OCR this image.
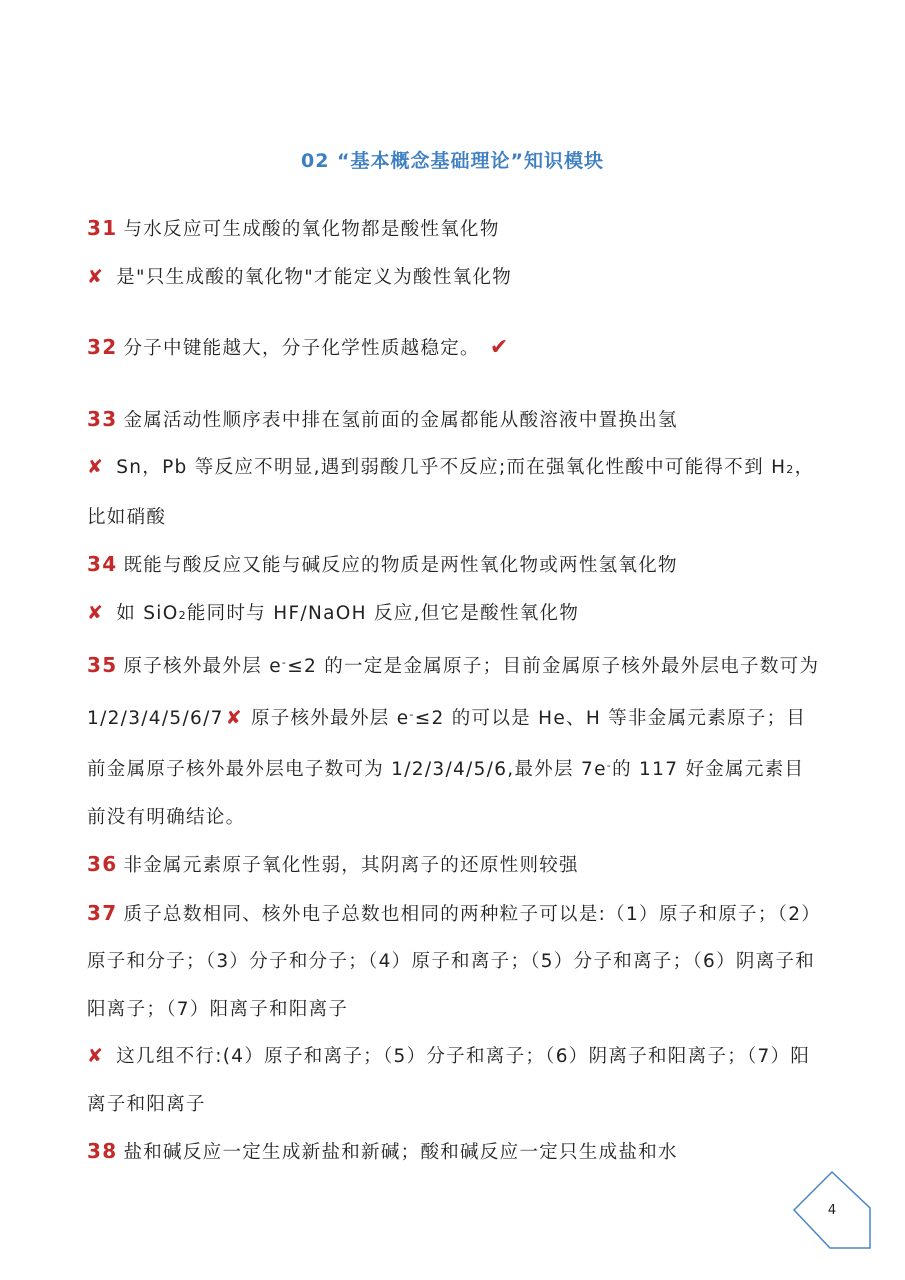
02 “基本概念基础理论”知识模块

31 与水反应可生成酸的氧化物都是酸性氧化物

✘ 是"只生成酸的氧化物"才能定义为酸性氧化物

32 分子中键能越大，分子化学性质越稳定。 ✔

33 金属活动性顺序表中排在氢前面的金属都能从酸溶液中置换出氢

✘ Sn，Pb 等反应不明显,遇到弱酸几乎不反应;而在强氧化性酸中可能得不到 H2，比如硝酸

34 既能与酸反应又能与碱反应的物质是两性氧化物或两性氢氧化物

✘ 如 SiO2能同时与 HF/NaOH 反应,但它是酸性氧化物

35 原子核外最外层 e-≤2 的一定是金属原子；目前金属原子核外最外层电子数可为 1/2/3/4/5/6/7 ✘ 原子核外最外层 e-≤2 的可以是 He、H 等非金属元素原子；目前金属原子核外最外层电子数可为 1/2/3/4/5/6,最外层 7e-的 117 好金属元素目前没有明确结论。

36 非金属元素原子氧化性弱，其阴离子的还原性则较强

37 质子总数相同、核外电子总数也相同的两种粒子可以是:（1）原子和原子；（2）原子和分子；（3）分子和分子；（4）原子和离子；（5）分子和离子；（6）阴离子和阳离子；（7）阳离子和阳离子

✘ 这几组不行:(4）原子和离子；（5）分子和离子；（6）阴离子和阳离子；（7）阳离子和阳离子

38 盐和碱反应一定生成新盐和新碱；酸和碱反应一定只生成盐和水

4
